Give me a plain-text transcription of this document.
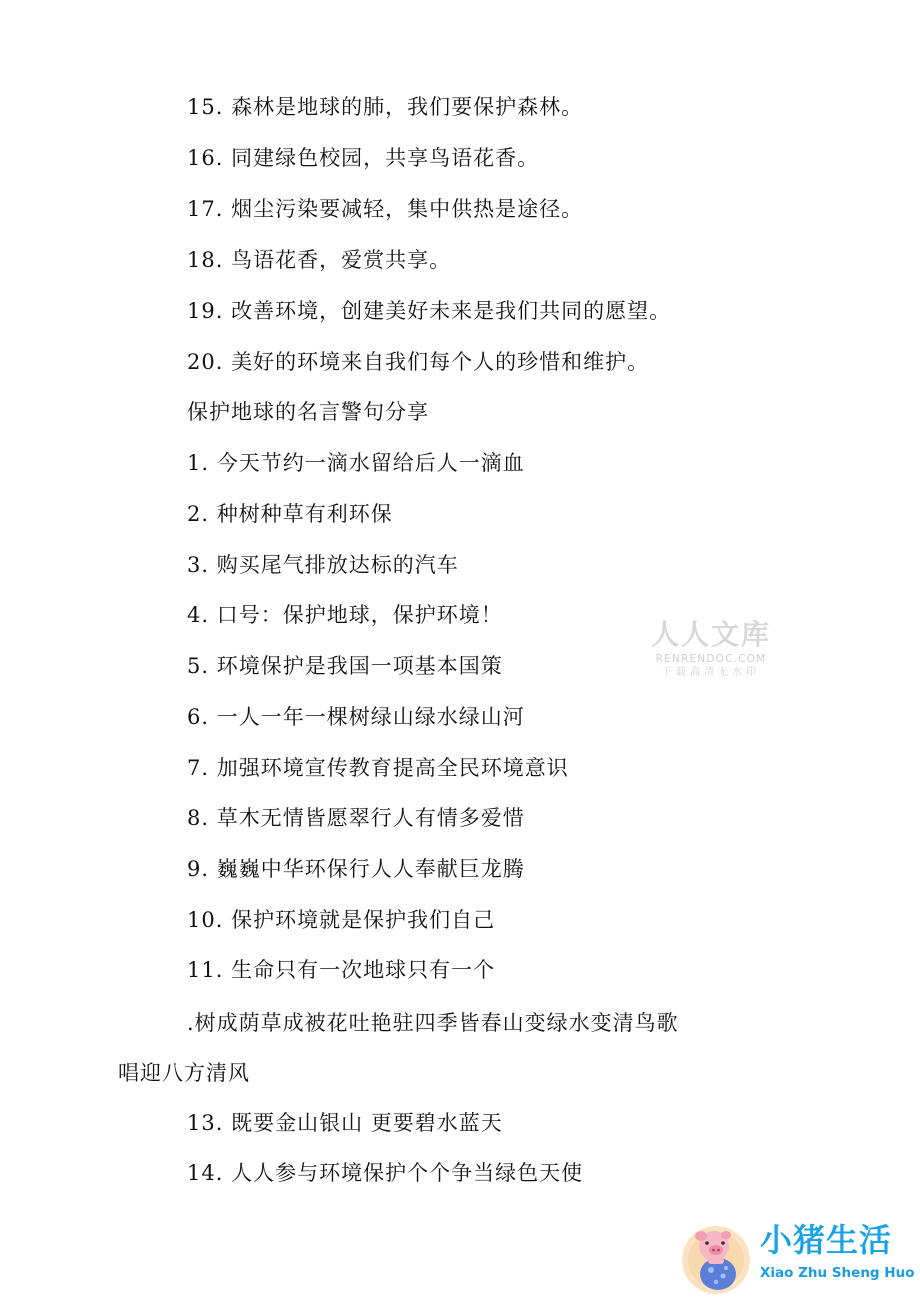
15. 森林是地球的肺，我们要保护森林。
16. 同建绿色校园，共享鸟语花香。
17. 烟尘污染要减轻，集中供热是途径。
18. 鸟语花香，爱赏共享。
19. 改善环境，创建美好未来是我们共同的愿望。
20. 美好的环境来自我们每个人的珍惜和维护。
保护地球的名言警句分享
1. 今天节约一滴水留给后人一滴血
2. 种树种草有利环保
3. 购买尾气排放达标的汽车
4. 口号：保护地球，保护环境！
5. 环境保护是我国一项基本国策
6. 一人一年一棵树绿山绿水绿山河
7. 加强环境宣传教育提高全民环境意识
8. 草木无情皆愿翠行人有情多爱惜
9. 巍巍中华环保行人人奉献巨龙腾
10. 保护环境就是保护我们自己
11. 生命只有一次地球只有一个
.树成荫草成被花吐艳驻四季皆春山变绿水变清鸟歌
唱迎八方清风
13. 既要金山银山 更要碧水蓝天
14. 人人参与环境保护个个争当绿色天使
人人文库
RENRENDOC.COM
下载高清无水印
小猪生活
Xiao Zhu Sheng Huo
